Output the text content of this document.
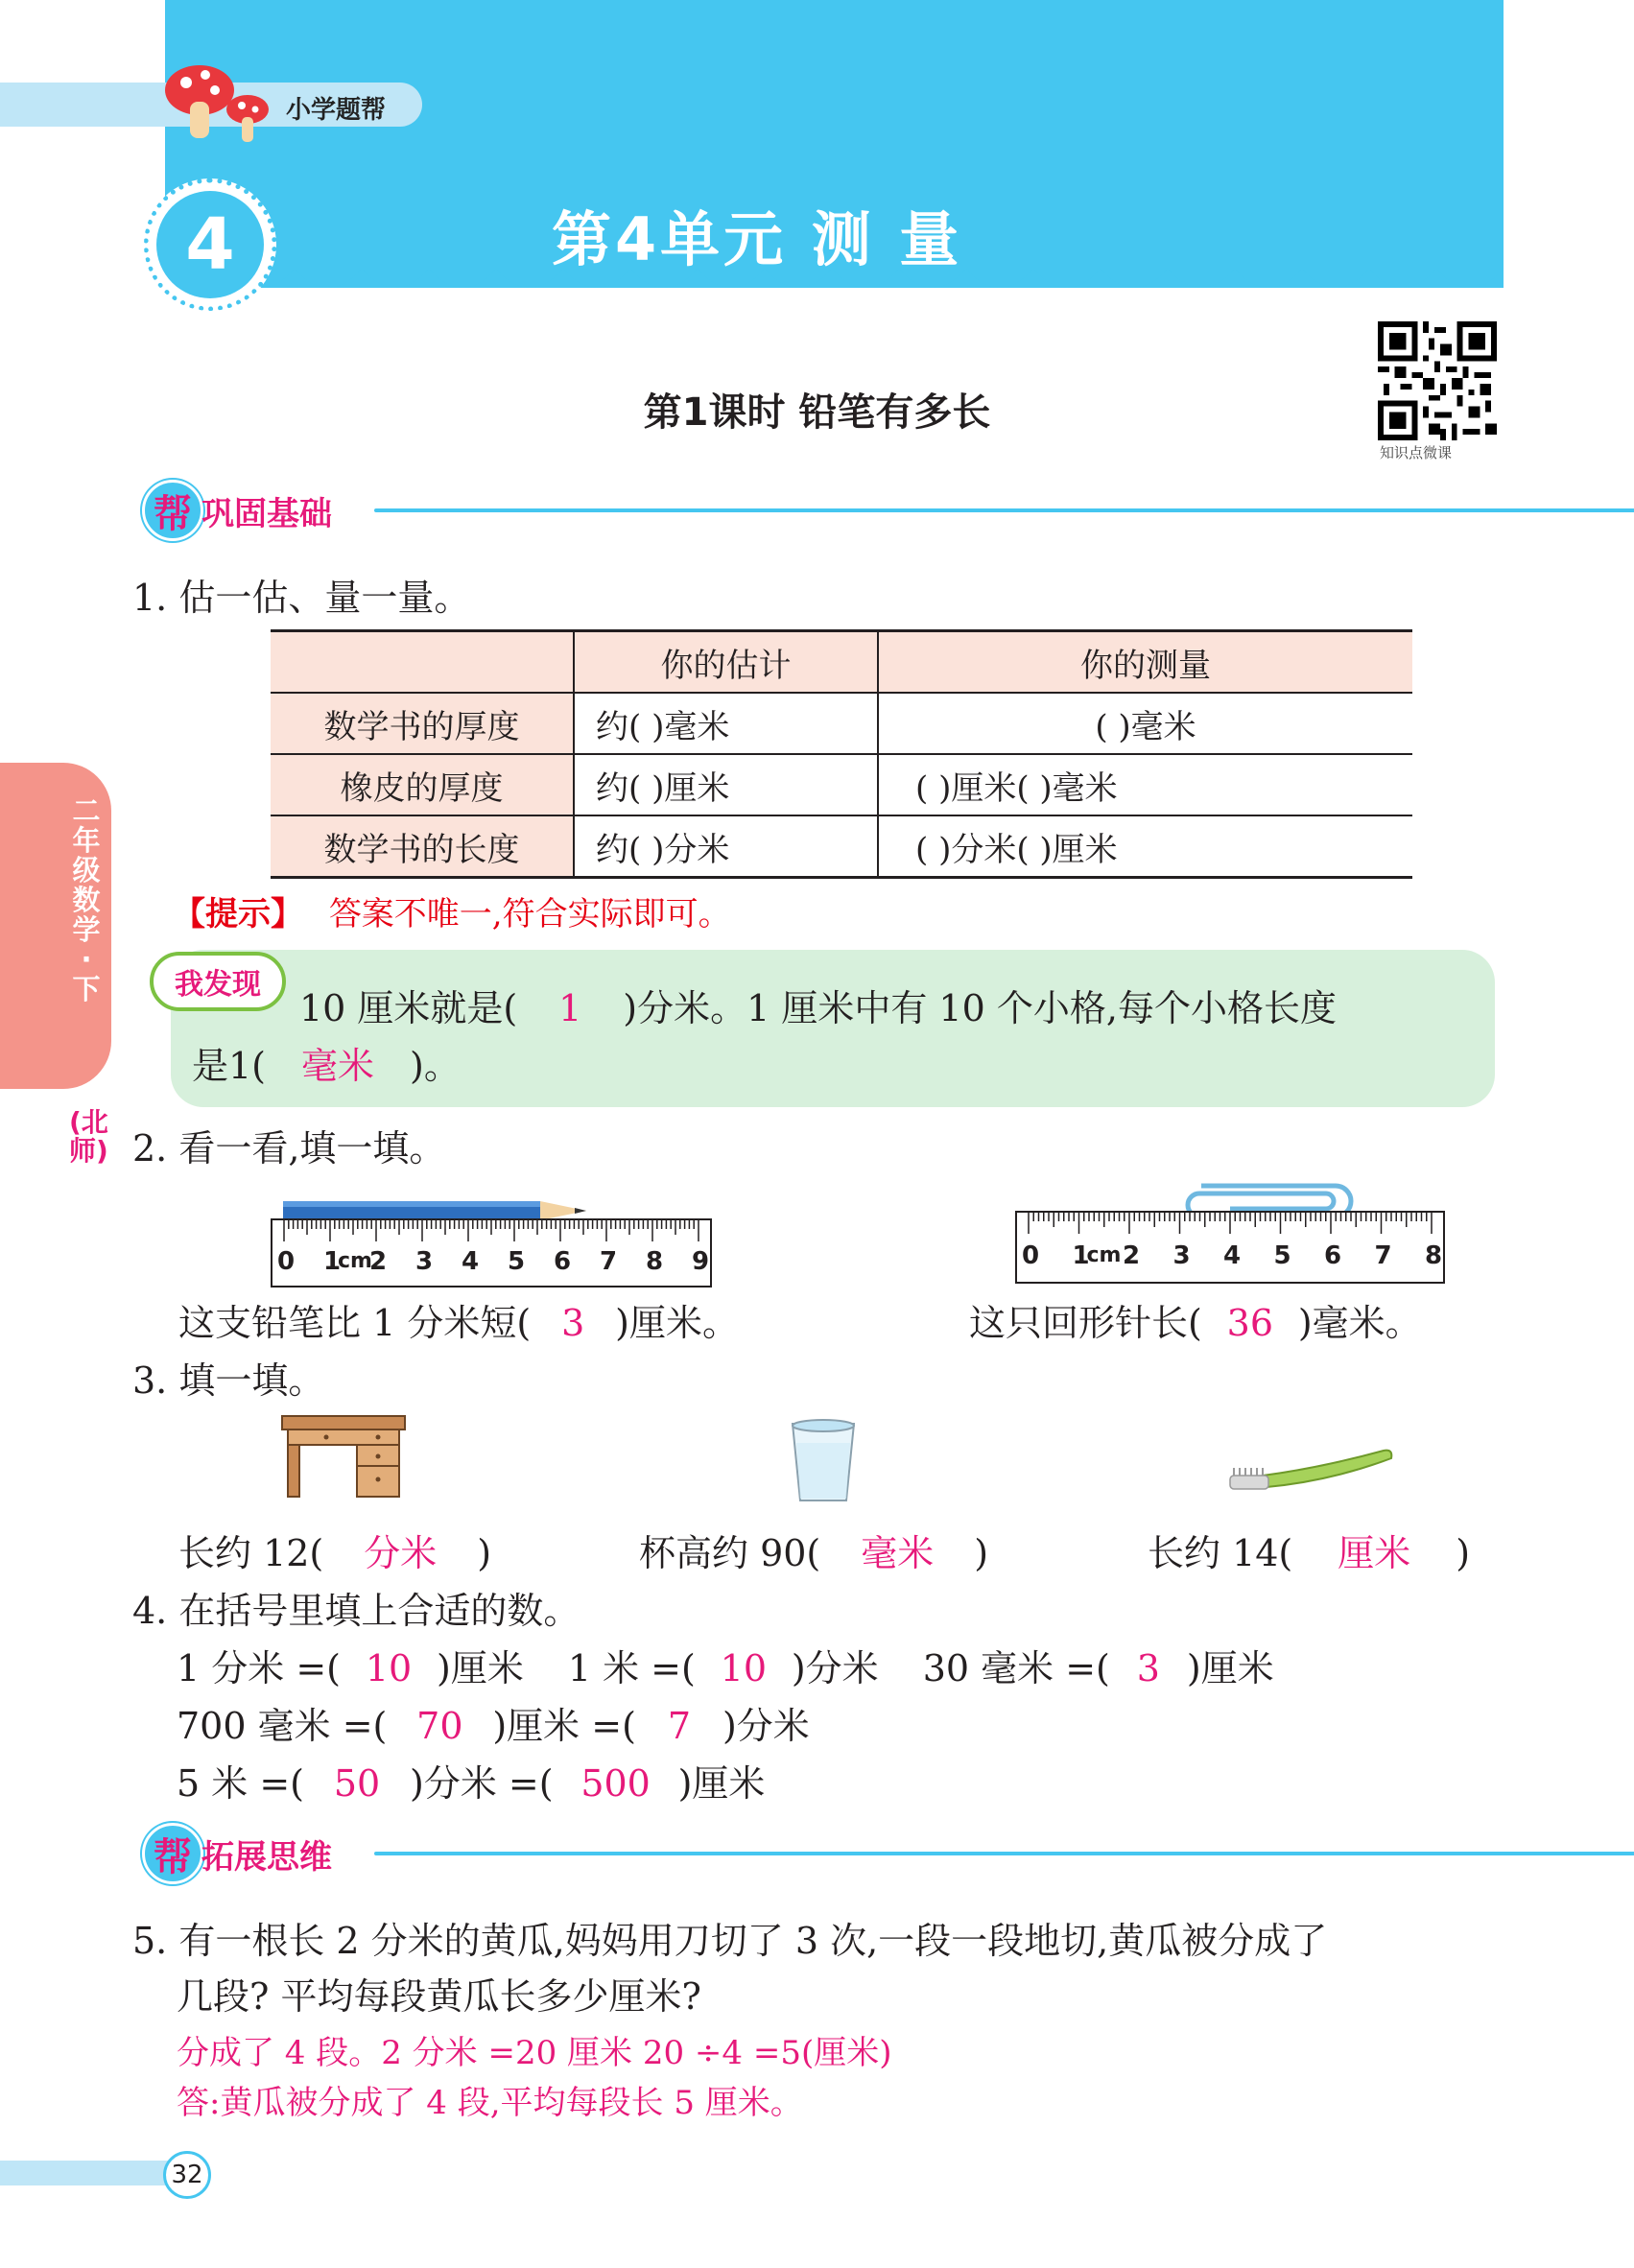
小学题帮
4	第4单元 测 量
第1课时 铅笔有多长
知识点微课
二年级数学·下
(北师)
帮 巩固基础
1. 估一估、量一量。
	你的估计	你的测量
数学书的厚度	约( )毫米	( )毫米
橡皮的厚度	约( )厘米	( )厘米( )毫米
数学书的长度	约( )分米	( )分米( )厘米
【提示】 答案不唯一,符合实际即可。
我发现
10 厘米就是( 1 )分米。1 厘米中有 10 个小格,每个小格长度
是1( 毫米 )。
2. 看一看,填一填。
0 1
cm
2 3 4 5 6 7 8 9	0 1
cm 2 3 4 5 6 7 8
这支铅笔比 1 分米短( 3 )厘米。	这只回形针长( 36 )毫米。
3. 填一填。
长约 12( 分米 )	杯高约 90( 毫米 )	长约 14( 厘米 )
4. 在括号里填上合适的数。
1 分米 =( 10 )厘米 1 米 =( 10 )分米 30 毫米 =( 3 )厘米
700 毫米 =( 70 )厘米 =( 7 )分米
5 米 =( 50 )分米 =( 500 )厘米
帮 拓展思维
5. 有一根长 2 分米的黄瓜,妈妈用刀切了 3 次,一段一段地切,黄瓜被分成了
几段? 平均每段黄瓜长多少厘米?
分成了 4 段。2 分米 =20 厘米 20 ÷4 =5(厘米)
答:黄瓜被分成了 4 段,平均每段长 5 厘米。
32
